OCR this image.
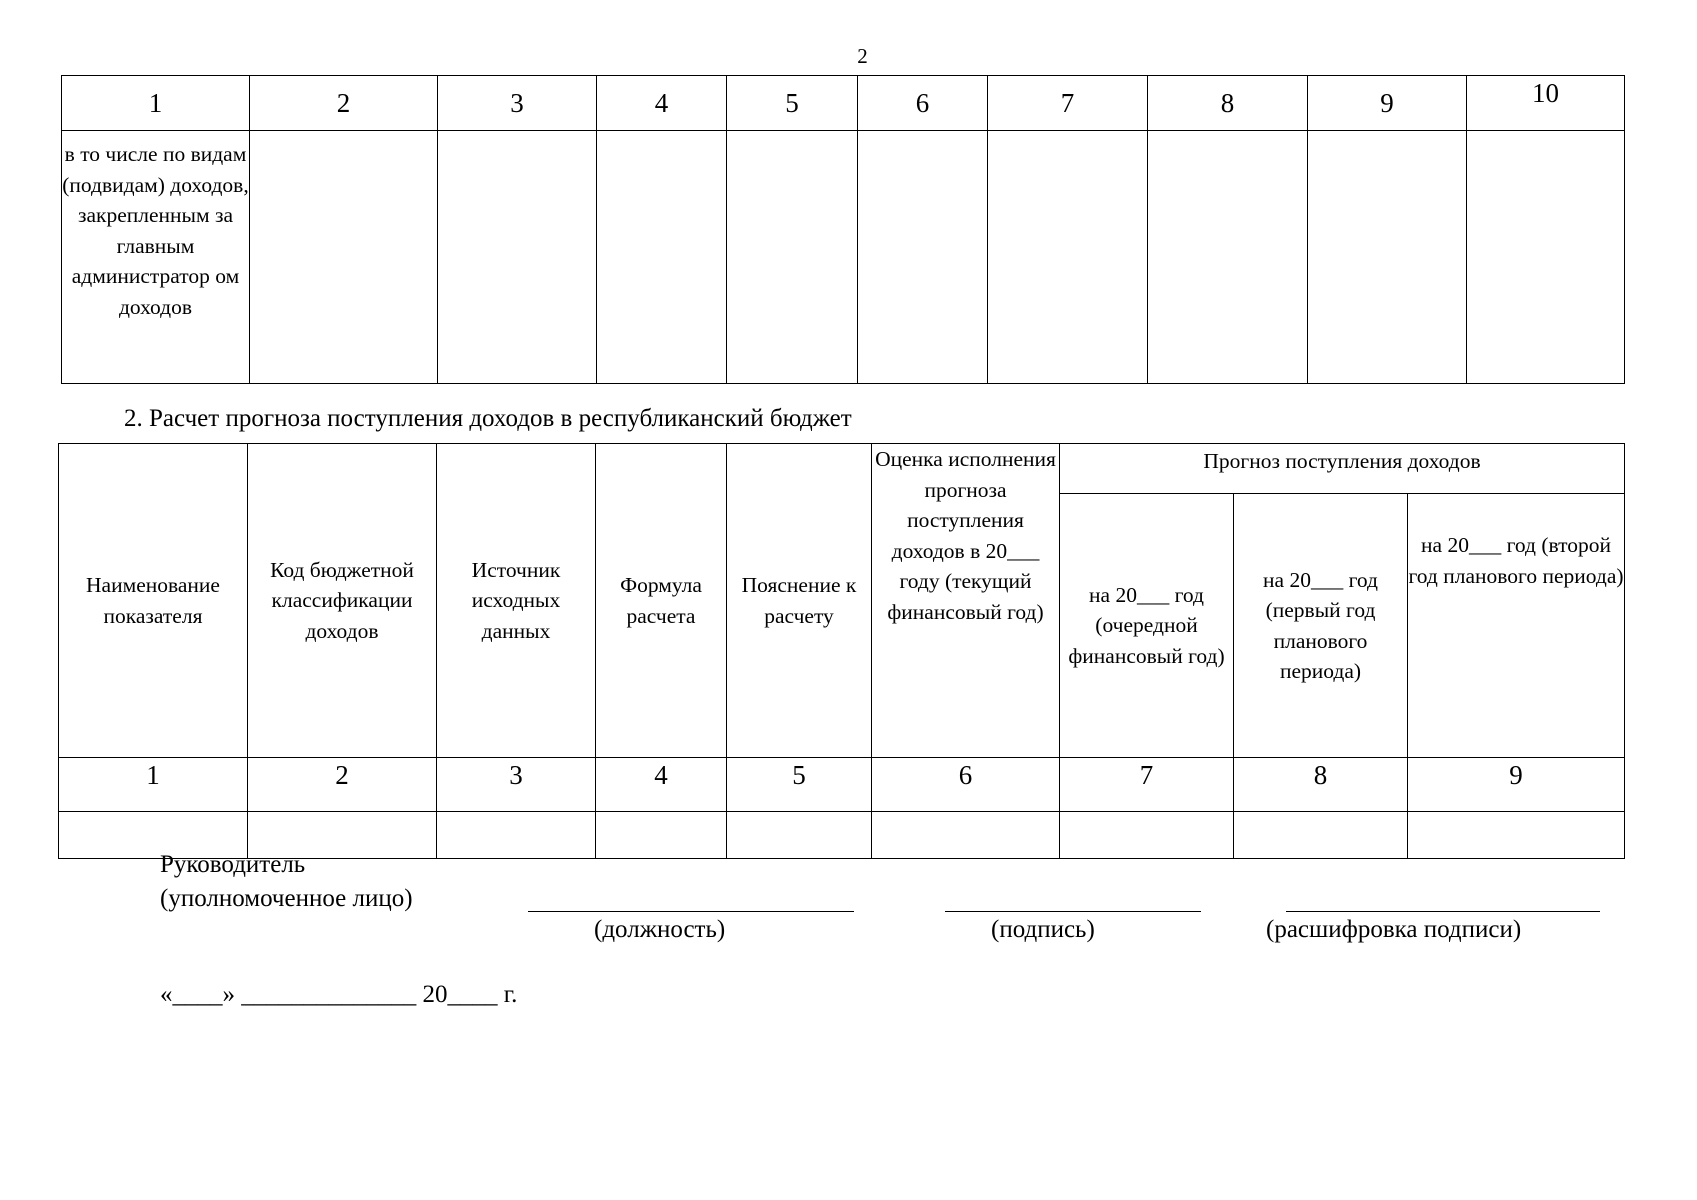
2
1	2	3	4	5	6	7	8	9	10
в то числе по видам (подвидам) доходов, закрепленным за главным администратор ом доходов									
2. Расчет прогноза поступления доходов в республиканский бюджет
Наименование показателя	Код бюджетной классификации доходов	Источник исходных данных	Формула расчета	Пояснение к расчету	Оценка исполнения прогноза поступления доходов в 20___ году (текущий финансовый год)	Прогноз поступления доходов		
						на 20___ год (очередной финансовый год)	на 20___ год (первый год планового периода)	на 20___ год (второй год планового периода)
1	2	3	4	5	6	7	8	9

Руководитель
(уполномоченное лицо)
(должность)	(подпись)	(расшифровка подписи)
«____» ______________ 20____ г.
